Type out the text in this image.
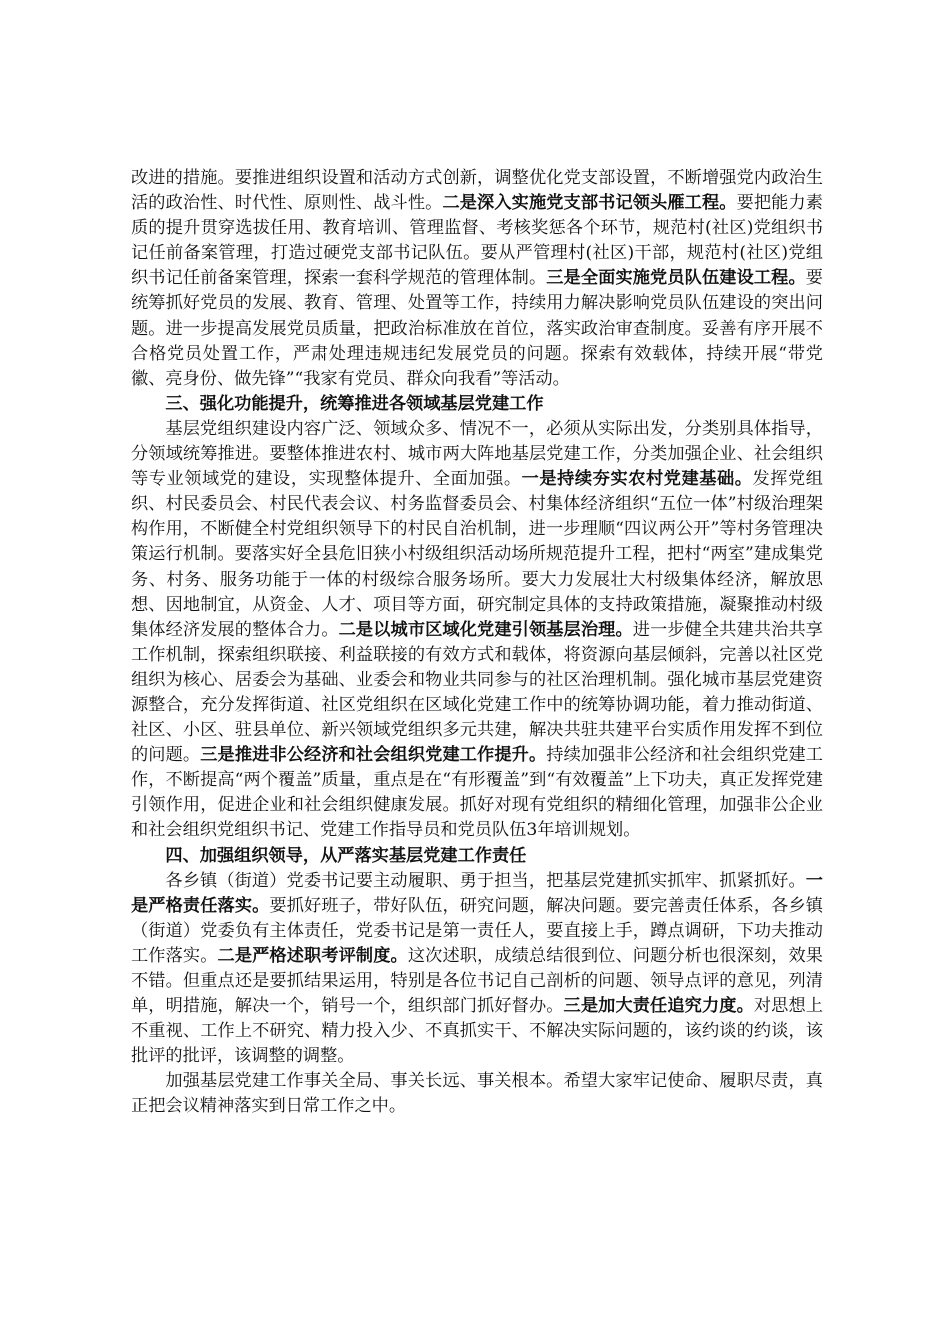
改进的措施。要推进组织设置和活动方式创新，调整优化党支部设置，不断增强党内政治生活的政治性、时代性、原则性、战斗性。二是深入实施党支部书记领头雁工程。要把能力素质的提升贯穿选拔任用、教育培训、管理监督、考核奖惩各个环节，规范村(社区)党组织书记任前备案管理，打造过硬党支部书记队伍。要从严管理村(社区)干部，规范村(社区)党组织书记任前备案管理，探索一套科学规范的管理体制。三是全面实施党员队伍建设工程。要统筹抓好党员的发展、教育、管理、处置等工作，持续用力解决影响党员队伍建设的突出问题。进一步提高发展党员质量，把政治标准放在首位，落实政治审查制度。妥善有序开展不合格党员处置工作，严肃处理违规违纪发展党员的问题。探索有效载体，持续开展“带党徽、亮身份、做先锋”“我家有党员、群众向我看”等活动。

三、强化功能提升，统筹推进各领域基层党建工作

基层党组织建设内容广泛、领域众多、情况不一，必须从实际出发，分类别具体指导，分领域统筹推进。要整体推进农村、城市两大阵地基层党建工作，分类加强企业、社会组织等专业领域党的建设，实现整体提升、全面加强。一是持续夯实农村党建基础。发挥党组织、村民委员会、村民代表会议、村务监督委员会、村集体经济组织“五位一体”村级治理架构作用，不断健全村党组织领导下的村民自治机制，进一步理顺“四议两公开”等村务管理决策运行机制。要落实好全县危旧狭小村级组织活动场所规范提升工程，把村“两室”建成集党务、村务、服务功能于一体的村级综合服务场所。要大力发展壮大村级集体经济，解放思想、因地制宜，从资金、人才、项目等方面，研究制定具体的支持政策措施，凝聚推动村级集体经济发展的整体合力。二是以城市区域化党建引领基层治理。进一步健全共建共治共享工作机制，探索组织联接、利益联接的有效方式和载体，将资源向基层倾斜，完善以社区党组织为核心、居委会为基础、业委会和物业共同参与的社区治理机制。强化城市基层党建资源整合，充分发挥街道、社区党组织在区域化党建工作中的统筹协调功能，着力推动街道、社区、小区、驻县单位、新兴领域党组织多元共建，解决共驻共建平台实质作用发挥不到位的问题。三是推进非公经济和社会组织党建工作提升。持续加强非公经济和社会组织党建工作，不断提高“两个覆盖”质量，重点是在“有形覆盖”到“有效覆盖”上下功夫，真正发挥党建引领作用，促进企业和社会组织健康发展。抓好对现有党组织的精细化管理，加强非公企业和社会组织党组织书记、党建工作指导员和党员队伍3年培训规划。

四、加强组织领导，从严落实基层党建工作责任

各乡镇（街道）党委书记要主动履职、勇于担当，把基层党建抓实抓牢、抓紧抓好。一是严格责任落实。要抓好班子，带好队伍，研究问题，解决问题。要完善责任体系，各乡镇（街道）党委负有主体责任，党委书记是第一责任人，要直接上手，蹲点调研，下功夫推动工作落实。二是严格述职考评制度。这次述职，成绩总结很到位、问题分析也很深刻，效果不错。但重点还是要抓结果运用，特别是各位书记自己剖析的问题、领导点评的意见，列清单，明措施，解决一个，销号一个，组织部门抓好督办。三是加大责任追究力度。对思想上不重视、工作上不研究、精力投入少、不真抓实干、不解决实际问题的，该约谈的约谈，该批评的批评，该调整的调整。

加强基层党建工作事关全局、事关长远、事关根本。希望大家牢记使命、履职尽责，真正把会议精神落实到日常工作之中。
